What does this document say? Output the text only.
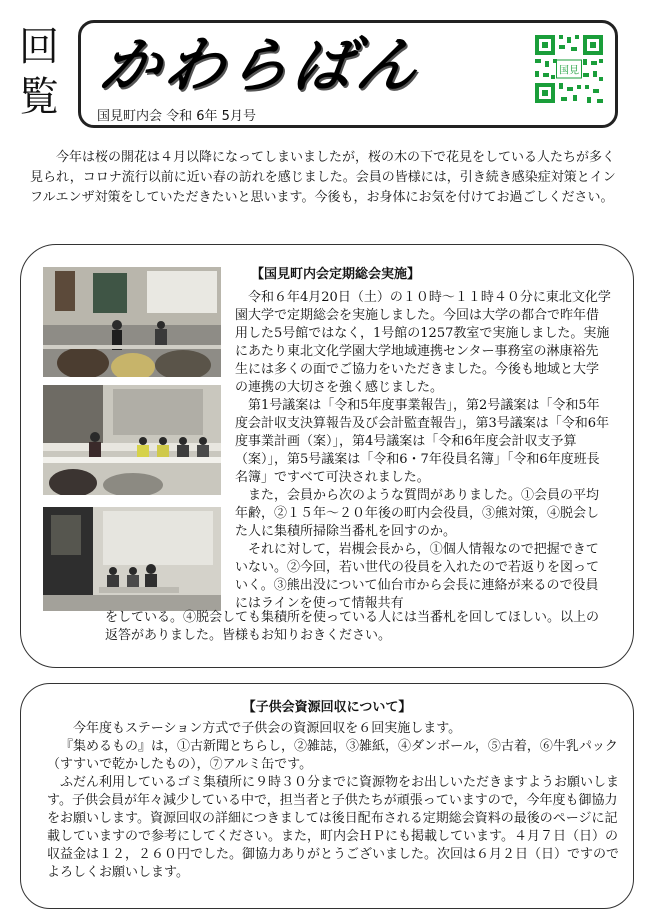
回
覧 かわらばん
国見町内会 令和 6年 5月号
国見

今年は桜の開花は４月以降になってしまいましたが，桜の木の下で花見をしている人たちが多く見られ，コロナ流行以前に近い春の訪れを感じました。会員の皆様には，引き続き感染症対策とインフルエンザ対策をしていただきたいと思います。今後も，お身体にお気を付けてお過ごしください。

【国見町内会定期総会実施】

令和６年4月20日（土）の１０時～１１時４０分に東北文化学園大学で定期総会を実施しました。今回は大学の都合で昨年借用した5号館ではなく，1号館の1257教室で実施しました。実施にあたり東北文化学園大学地域連携センター事務室の淋康裕先生には多くの面でご協力をいただきました。今後も地域と大学の連携の大切さを強く感じました。

第1号議案は「令和5年度事業報告」，第2号議案は「令和5年度会計収支決算報告及び会計監査報告」，第3号議案は「令和6年度事業計画（案）」，第4号議案は「令和6年度会計収支予算（案）」，第5号議案は「令和6・7年役員名簿」「令和6年度班長名簿」ですべて可決されました。

また，会員から次のような質問がありました。①会員の平均年齢，②１５年～２０年後の町内会役員，③熊対策，④脱会した人に集積所掃除当番札を回すのか。

それに対して，岩槻会長から，①個人情報なので把握できていない。②今回，若い世代の役員を入れたので若返りを図っていく。③熊出没について仙台市から会長に連絡が来るので役員にはラインを使って情報共有

をしている。④脱会しても集積所を使っている人には当番札を回してほしい。以上の返答がありました。皆様もお知りおきください。
【子供会資源回収について】

今年度もステーション方式で子供会の資源回収を６回実施します。

『集めるもの』は，①古新聞とちらし，②雑誌，③雑紙，④ダンボール，⑤古着，⑥牛乳パック（すすいで乾かしたもの），⑦アルミ缶です。

ふだん利用しているゴミ集積所に９時３０分までに資源物をお出しいただきますようお願いします。子供会員が年々減少している中で，担当者と子供たちが頑張っていますので，今年度も御協力をお願いします。資源回収の詳細につきましては後日配布される定期総会資料の最後のページに記載していますので参考にしてください。また，町内会ＨＰにも掲載しています。４月７日（日）の収益金は１２，２６０円でした。御協力ありがとうございました。次回は６月２日（日）ですのでよろしくお願いします。
